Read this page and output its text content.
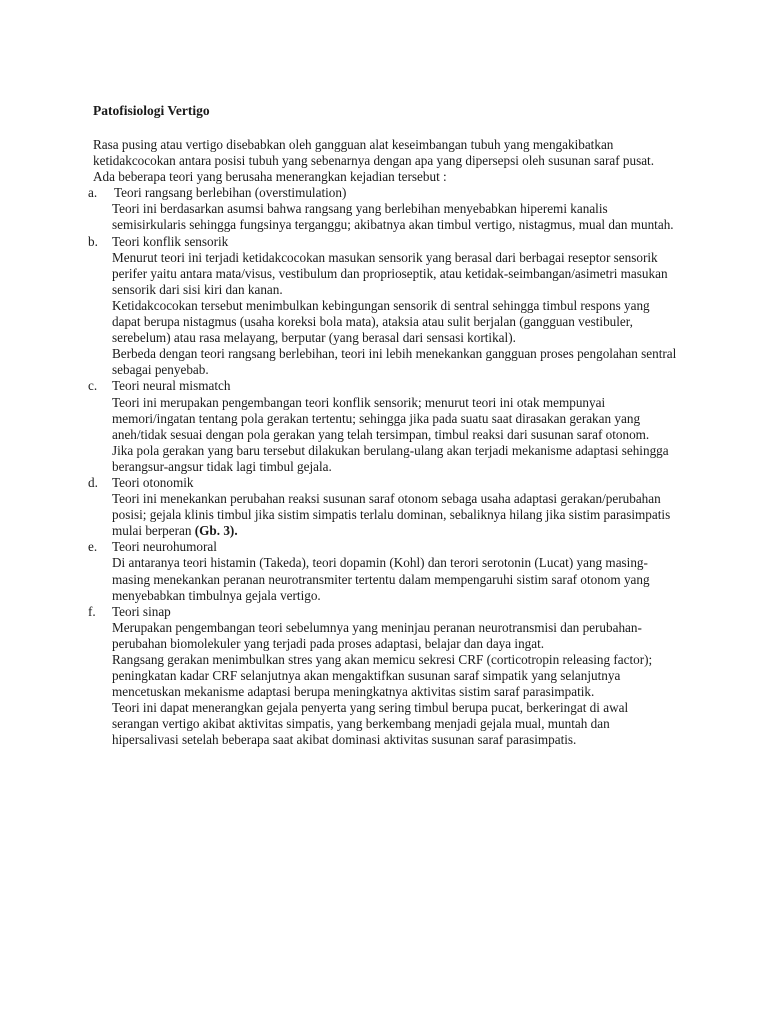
Patofisiologi Vertigo

Rasa pusing atau vertigo disebabkan oleh gangguan alat keseimbangan tubuh yang mengakibatkan ketidakcocokan antara posisi tubuh yang sebenarnya dengan apa yang dipersepsi oleh susunan saraf pusat.

Ada beberapa teori yang berusaha menerangkan kejadian tersebut :

a.	Teori rangsang berlebihan (overstimulation)
Teori ini berdasarkan asumsi bahwa rangsang yang berlebihan menyebabkan hiperemi kanalis semisirkularis sehingga fungsinya terganggu; akibatnya akan timbul vertigo, nistagmus, mual dan muntah.
b.	Teori konflik sensorik
Menurut teori ini terjadi ketidakcocokan masukan sensorik yang berasal dari berbagai reseptor sensorik perifer yaitu antara mata/visus, vestibulum dan proprioseptik, atau ketidak-seimbangan/asimetri masukan sensorik dari sisi kiri dan kanan.
Ketidakcocokan tersebut menimbulkan kebingungan sensorik di sentral sehingga timbul respons yang dapat berupa nistagmus (usaha koreksi bola mata), ataksia atau sulit berjalan (gangguan vestibuler, serebelum) atau rasa melayang, berputar (yang berasal dari sensasi kortikal).
Berbeda dengan teori rangsang berlebihan, teori ini lebih menekankan gangguan proses pengolahan sentral sebagai penyebab.
c.	Teori neural mismatch
Teori ini merupakan pengembangan teori konflik sensorik; menurut teori ini otak mempunyai memori/ingatan tentang pola gerakan tertentu; sehingga jika pada suatu saat dirasakan gerakan yang aneh/tidak sesuai dengan pola gerakan yang telah tersimpan, timbul reaksi dari susunan saraf otonom.
Jika pola gerakan yang baru tersebut dilakukan berulang-ulang akan terjadi mekanisme adaptasi sehingga berangsur-angsur tidak lagi timbul gejala.
d.	Teori otonomik
Teori ini menekankan perubahan reaksi susunan saraf otonom sebaga usaha adaptasi gerakan/perubahan posisi; gejala klinis timbul jika sistim simpatis terlalu dominan, sebaliknya hilang jika sistim parasimpatis mulai berperan (Gb. 3).
e.	Teori neurohumoral
Di antaranya teori histamin (Takeda), teori dopamin (Kohl) dan terori serotonin (Lucat) yang masing-masing menekankan peranan neurotransmiter tertentu dalam mempengaruhi sistim saraf otonom yang menyebabkan timbulnya gejala vertigo.
f.	Teori sinap
Merupakan pengembangan teori sebelumnya yang meninjau peranan neurotransmisi dan perubahan-perubahan biomolekuler yang terjadi pada proses adaptasi, belajar dan daya ingat.
Rangsang gerakan menimbulkan stres yang akan memicu sekresi CRF (corticotropin releasing factor); peningkatan kadar CRF selanjutnya akan mengaktifkan susunan saraf simpatik yang selanjutnya mencetuskan mekanisme adaptasi berupa meningkatnya aktivitas sistim saraf parasimpatik.
Teori ini dapat menerangkan gejala penyerta yang sering timbul berupa pucat, berkeringat di awal serangan vertigo akibat aktivitas simpatis, yang berkembang menjadi gejala mual, muntah dan hipersalivasi setelah beberapa saat akibat dominasi aktivitas susunan saraf parasimpatis.
